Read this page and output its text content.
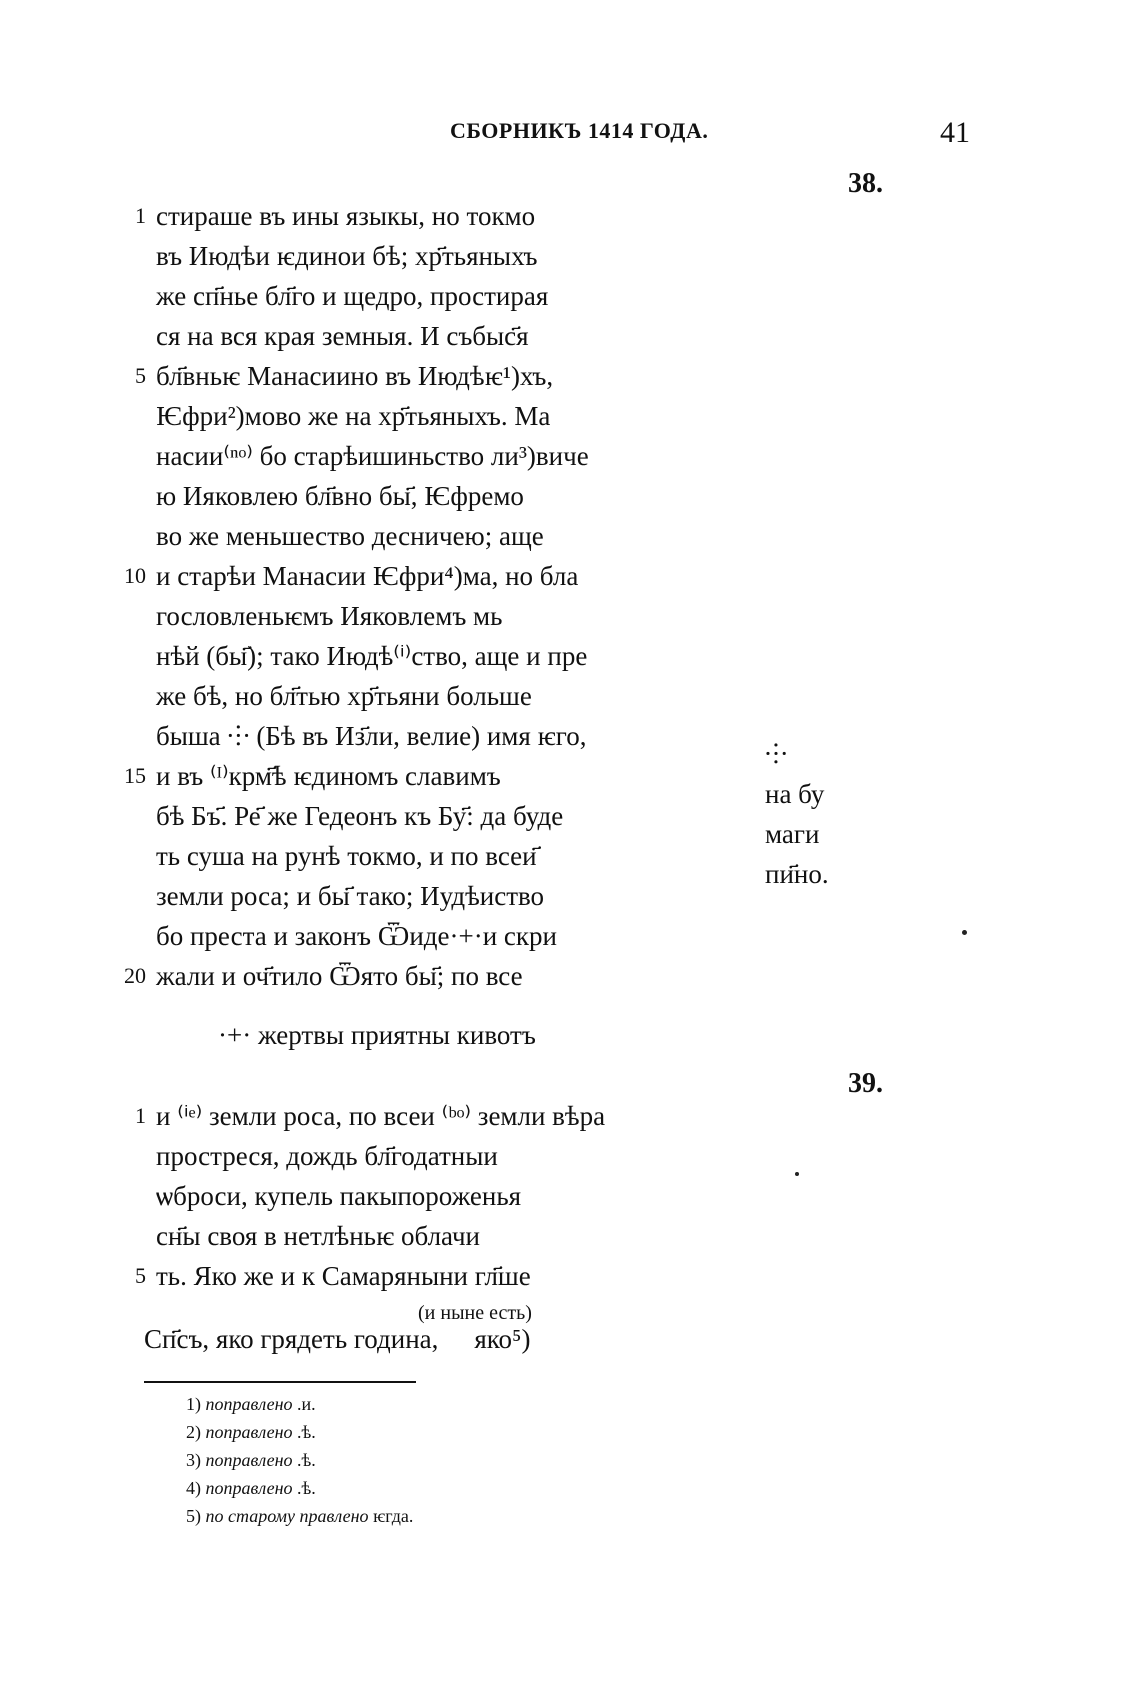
СБОРНИКЪ 1414 ГОДА.	41
38.
1 стираше въ ины языкы, но токмо
въ Июдѣи ѥдинои бѣ; хр҃тьяныхъ
же сп҃нье бл҃го и щедро, простирая
ся на вся края земныя. И събыс҃я
5 бл҃вньѥ Манасиино въ Июдѣѥ¹)хъ,
Ѥфри²)мово же на хр҃тьяныхъ. Ма
насии⁽ⁿᵒ⁾ бо старѣишиньство ли³)виче
ю Ияковлею бл҃вно бы҃, Ѥфремо
во же меньшество десничею; аще
10 и старѣи Манасии Ѥфри⁴)ма, но бла
гословленьѥмъ Ияковлемъ мь
нѣй (бы҃); тако Июдѣ⁽ⁱ⁾ство, аще и пре
же бѣ, но бл҃тью хр҃тьяни больше
быша ⸭ (Бѣ въ Из҃ли, велие) имя ѥго,
15 и въ ⁽ᴵ⁾крм҃ѣ ѥдиномъ славимъ
бѣ Бъ҃. Ре҃ же Гедеонъ къ Бу҃: да буде
ть суша на рунѣ токмо, и по всеи҃
земли роса; и бы҃ тако; Иудѣиство
бо преста и законъ Ѿиде·+·и скри
20 жали и оч҃тило Ѿято бы҃; по все
⸭
на бу
маги
пи҃но.
·+· жертвы приятны кивотъ
39.
1 и ⁽ⁱᵉ⁾ земли роса, по всеи ⁽ᵇᵒ⁾ земли вѣра
простреся, дождь бл҃годатныи
ѡброси, купель пакыпороженья
сн҃ы своя в нетлѣньѥ облачи
5 ть. Яко же и к Самаряныни гл҃ше
(и ныне есть)
Сп҃съ, яко грядеть година, яко⁵)
1) поправлено .и.
2) поправлено .ѣ.
3) поправлено .ѣ.
4) поправлено .ѣ.
5) по старому правлено ѥгда.
